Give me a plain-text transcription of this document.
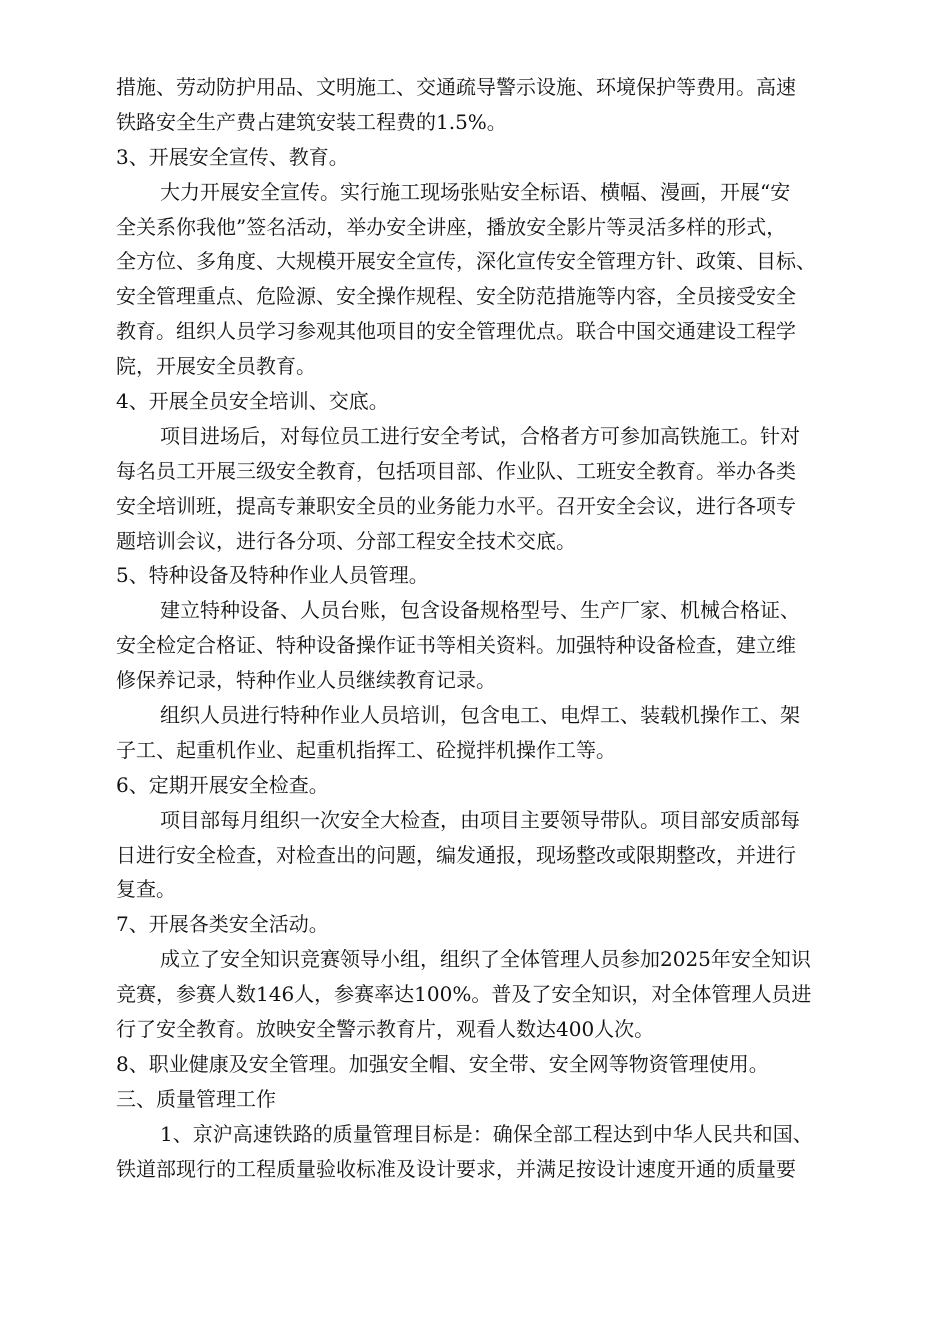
措施、劳动防护用品、文明施工、交通疏导警示设施、环境保护等费用。高速
铁路安全生产费占建筑安装工程费的1.5%。
3、开展安全宣传、教育。
大力开展安全宣传。实行施工现场张贴安全标语、横幅、漫画，开展“安
全关系你我他”签名活动，举办安全讲座，播放安全影片等灵活多样的形式，
全方位、多角度、大规模开展安全宣传，深化宣传安全管理方针、政策、目标、
安全管理重点、危险源、安全操作规程、安全防范措施等内容，全员接受安全
教育。组织人员学习参观其他项目的安全管理优点。联合中国交通建设工程学
院，开展安全员教育。
4、开展全员安全培训、交底。
项目进场后，对每位员工进行安全考试，合格者方可参加高铁施工。针对
每名员工开展三级安全教育，包括项目部、作业队、工班安全教育。举办各类
安全培训班，提高专兼职安全员的业务能力水平。召开安全会议，进行各项专
题培训会议，进行各分项、分部工程安全技术交底。
5、特种设备及特种作业人员管理。
建立特种设备、人员台账，包含设备规格型号、生产厂家、机械合格证、
安全检定合格证、特种设备操作证书等相关资料。加强特种设备检查，建立维
修保养记录，特种作业人员继续教育记录。
组织人员进行特种作业人员培训，包含电工、电焊工、装载机操作工、架
子工、起重机作业、起重机指挥工、砼搅拌机操作工等。
6、定期开展安全检查。
项目部每月组织一次安全大检查，由项目主要领导带队。项目部安质部每
日进行安全检查，对检查出的问题，编发通报，现场整改或限期整改，并进行
复查。
7、开展各类安全活动。
成立了安全知识竞赛领导小组，组织了全体管理人员参加2025年安全知识
竞赛，参赛人数146人，参赛率达100%。普及了安全知识，对全体管理人员进
行了安全教育。放映安全警示教育片，观看人数达400人次。
8、职业健康及安全管理。加强安全帽、安全带、安全网等物资管理使用。
三、质量管理工作
1、京沪高速铁路的质量管理目标是：确保全部工程达到中华人民共和国、
铁道部现行的工程质量验收标准及设计要求，并满足按设计速度开通的质量要
